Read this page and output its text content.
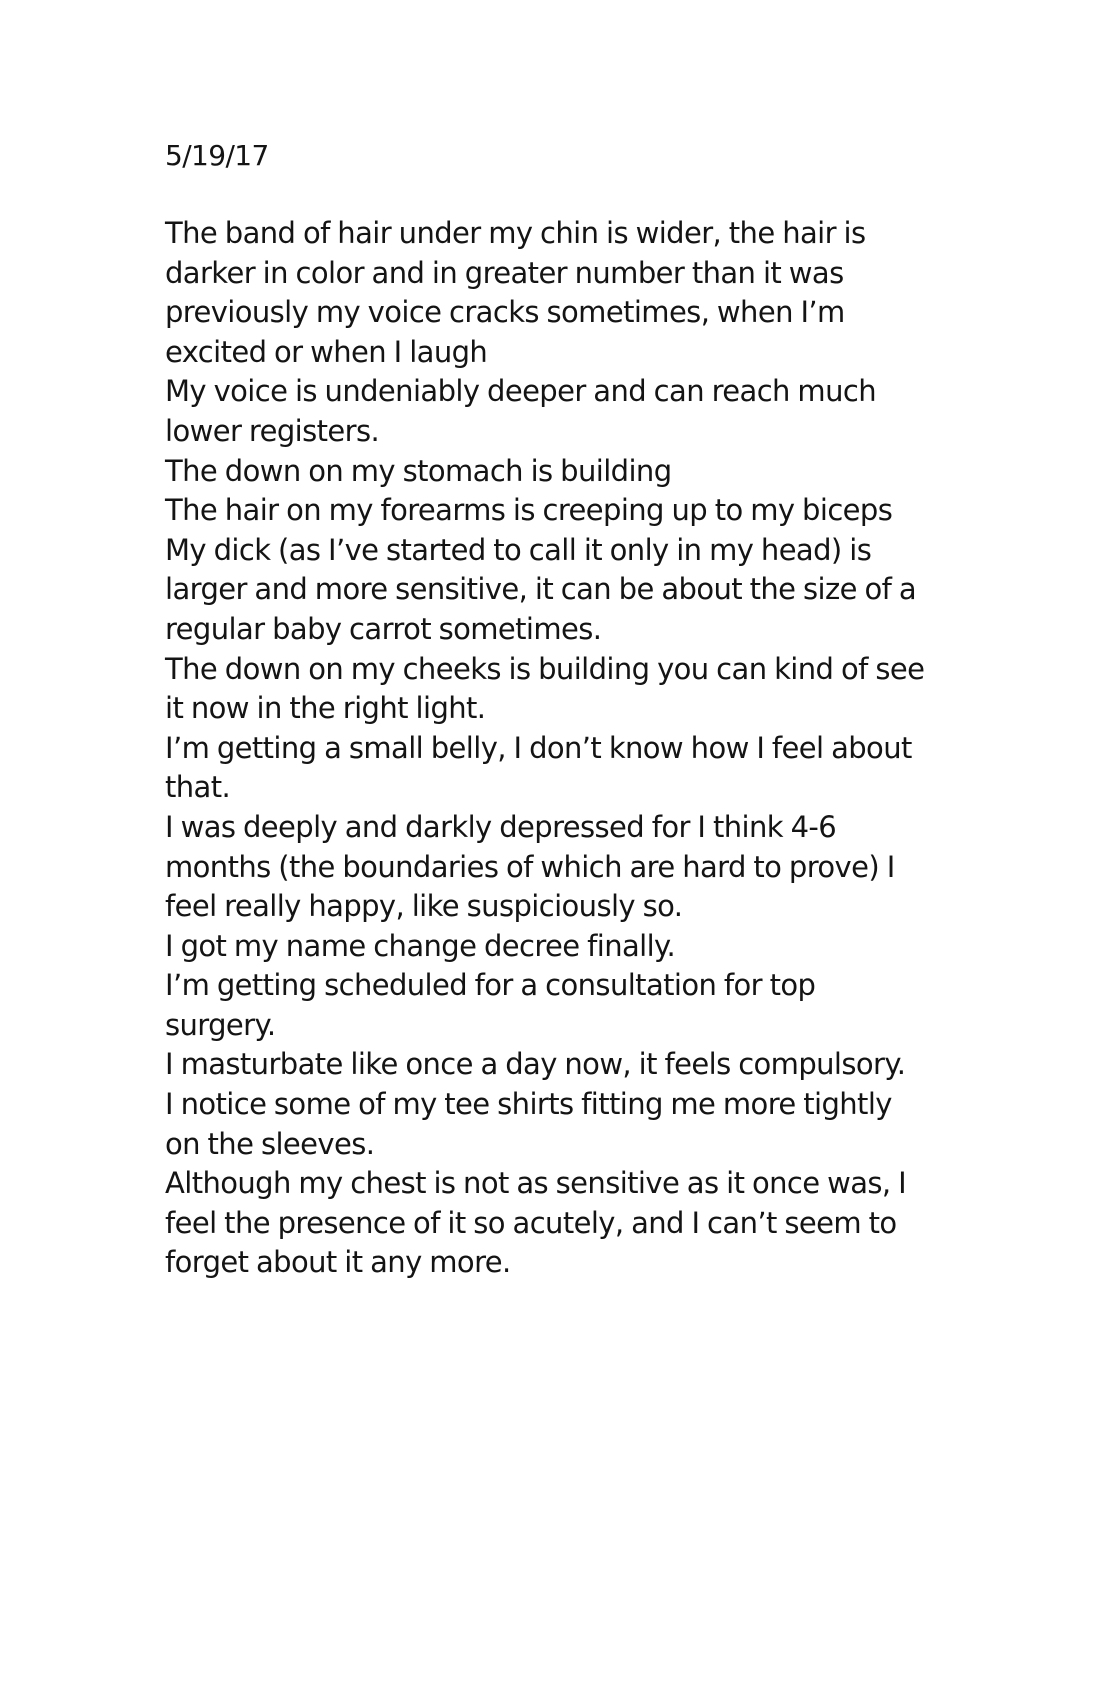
5/19/17

The band of hair under my chin is wider, the hair is

darker in color and in greater number than it was

previously my voice cracks sometimes, when I’m

excited or when I laugh

My voice is undeniably deeper and can reach much

lower registers.

The down on my stomach is building

The hair on my forearms is creeping up to my biceps

My dick (as I’ve started to call it only in my head) is

larger and more sensitive, it can be about the size of a

regular baby carrot sometimes.

The down on my cheeks is building you can kind of see

it now in the right light.

I’m getting a small belly, I don’t know how I feel about

that.

I was deeply and darkly depressed for I think 4-6

months (the boundaries of which are hard to prove) I

feel really happy, like suspiciously so.

I got my name change decree finally.

I’m getting scheduled for a consultation for top

surgery.

I masturbate like once a day now, it feels compulsory.

I notice some of my tee shirts fitting me more tightly

on the sleeves.

Although my chest is not as sensitive as it once was, I

feel the presence of it so acutely, and I can’t seem to

forget about it any more.
